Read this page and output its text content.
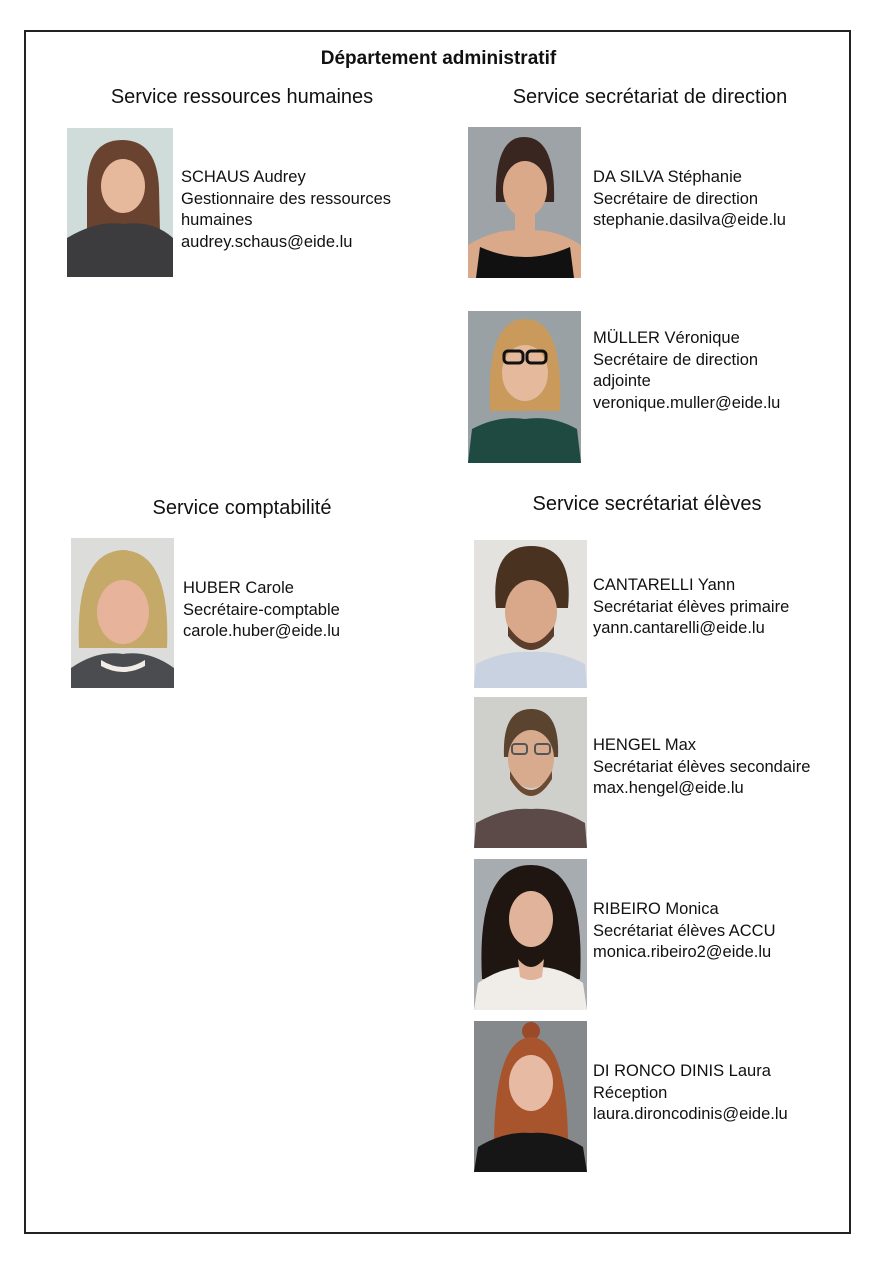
Département administratif
Service ressources humaines	Service secrétariat de direction
Service comptabilité	Service secrétariat élèves
SCHAUS Audrey
Gestionnaire des ressources humaines
audrey.schaus@eide.lu
DA SILVA Stéphanie
Secrétaire de direction
stephanie.dasilva@eide.lu
MÜLLER Véronique
Secrétaire de direction adjointe
veronique.muller@eide.lu
HUBER Carole
Secrétaire-comptable
carole.huber@eide.lu
CANTARELLI Yann
Secrétariat élèves primaire
yann.cantarelli@eide.lu
HENGEL Max
Secrétariat élèves secondaire
max.hengel@eide.lu
RIBEIRO Monica
Secrétariat élèves ACCU
monica.ribeiro2@eide.lu
DI RONCO DINIS Laura
Réception
laura.dironcodinis@eide.lu
